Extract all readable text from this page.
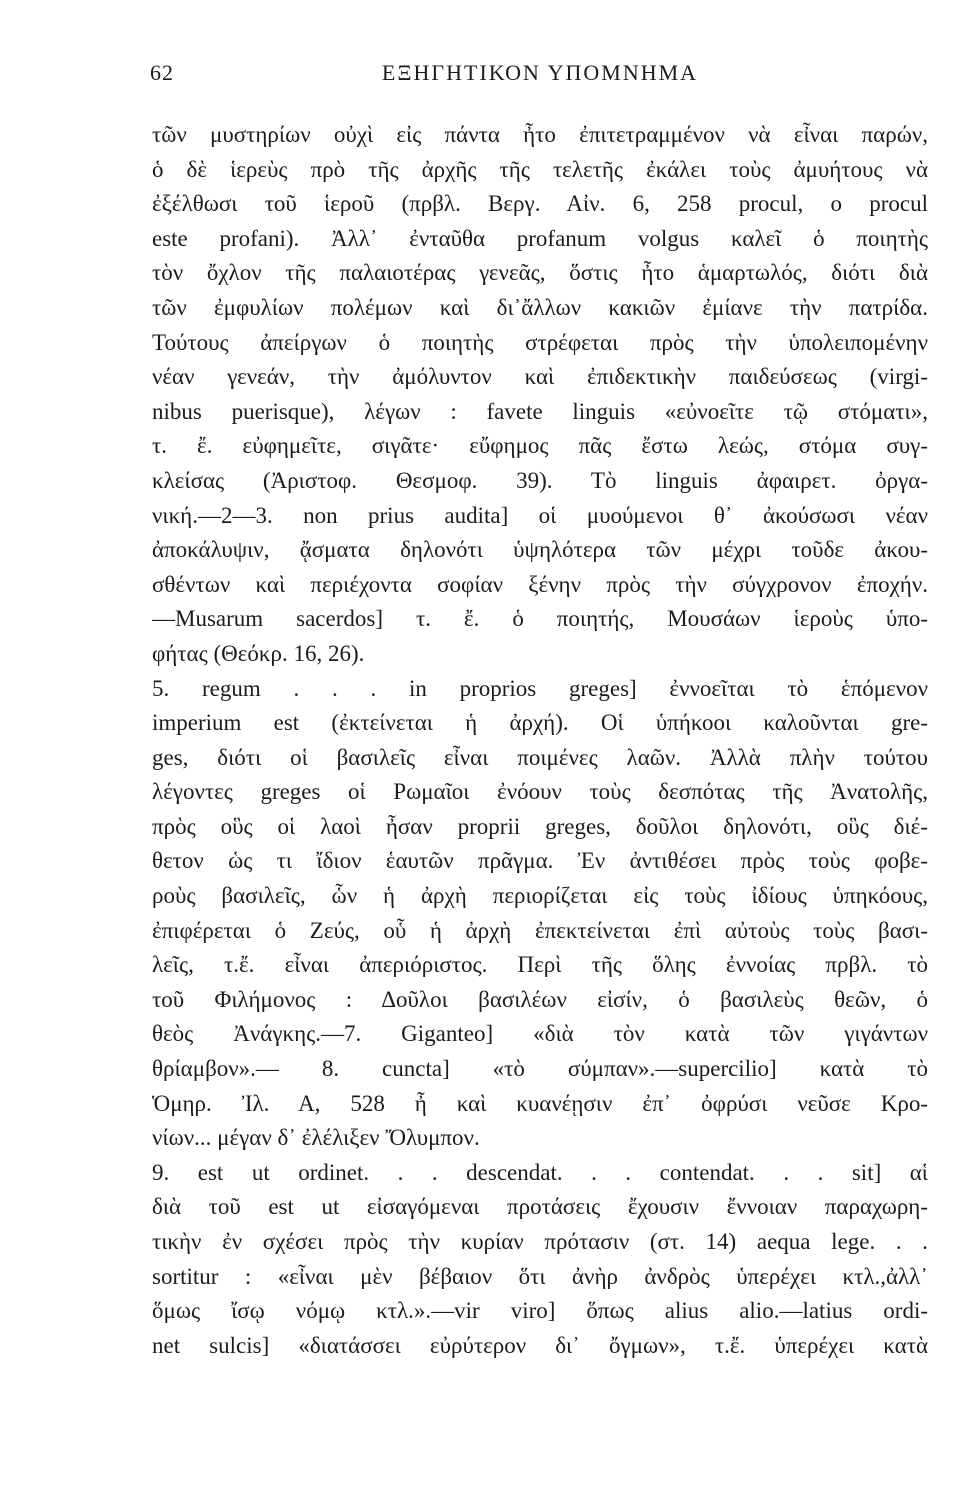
62	ΕΞΗΓΗΤΙΚΟΝ ΥΠΟΜΝΗΜΑ
τῶν μυστηρίων οὐχὶ εἰς πάντα ἦτο ἐπιτετραμμένον νὰ εἶναι παρών,
ὁ δὲ ἱερεὺς πρὸ τῆς ἀρχῆς τῆς τελετῆς ἐκάλει τοὺς ἀμυήτους νὰ
ἐξέλθωσι τοῦ ἱεροῦ (πρβλ. Βεργ. Αἰν. 6, 258 procul, o procul
este profani). Ἀλλ᾽ ἐνταῦθα profanum volgus καλεῖ ὁ ποιητὴς
τὸν ὄχλον τῆς παλαιοτέρας γενεᾶς, ὅστις ἦτο ἁμαρτωλός, διότι διὰ
τῶν ἐμφυλίων πολέμων καὶ δι᾽ἄλλων κακιῶν ἐμίανε τὴν πατρίδα.
Τούτους ἀπείργων ὁ ποιητὴς στρέφεται πρὸς τὴν ὑπολειπομένην
νέαν γενεάν, τὴν ἀμόλυντον καὶ ἐπιδεκτικὴν παιδεύσεως (virgi-
nibus puerisque), λέγων : favete linguis «εὐνοεῖτε τῷ στόματι»,
τ. ἔ. εὐφημεῖτε, σιγᾶτε· εὔφημος πᾶς ἔστω λεώς, στόμα συγ-
κλείσας (Ἀριστοφ. Θεσμοφ. 39). Τὸ linguis ἀφαιρετ. ὀργα-
νική.—2—3. non prius audita] οἱ μυούμενοι θ᾽ ἀκούσωσι νέαν
ἀποκάλυψιν, ᾄσματα δηλονότι ὑψηλότερα τῶν μέχρι τοῦδε ἀκου-
σθέντων καὶ περιέχοντα σοφίαν ξένην πρὸς τὴν σύγχρονον ἐποχήν.
—Musarum sacerdos] τ. ἔ. ὁ ποιητής, Μουσάων ἱεροὺς ὑπο-
φήτας (Θεόκρ. 16, 26).
5. regum . . . in proprios greges] ἐννοεῖται τὸ ἑπόμενον
imperium est (ἐκτείνεται ἡ ἀρχή). Οἱ ὑπήκοοι καλοῦνται gre-
ges, διότι οἱ βασιλεῖς εἶναι ποιμένες λαῶν. Ἀλλὰ πλὴν τούτου
λέγοντες greges οἱ Ρωμαῖοι ἐνόουν τοὺς δεσπότας τῆς Ἀνατολῆς,
πρὸς οὓς οἱ λαοὶ ἦσαν proprii greges, δοῦλοι δηλονότι, οὓς διέ-
θετον ὡς τι ἴδιον ἑαυτῶν πρᾶγμα. Ἐν ἀντιθέσει πρὸς τοὺς φοβε-
ροὺς βασιλεῖς, ὧν ἡ ἀρχὴ περιορίζεται εἰς τοὺς ἰδίους ὑπηκόους,
ἐπιφέρεται ὁ Ζεύς, οὗ ἡ ἀρχὴ ἐπεκτείνεται ἐπὶ αὐτοὺς τοὺς βασι-
λεῖς, τ.ἔ. εἶναι ἀπεριόριστος. Περὶ τῆς ὅλης ἐννοίας πρβλ. τὸ
τοῦ Φιλήμονος : Δοῦλοι βασιλέων εἰσίν, ὁ βασιλεὺς θεῶν, ὁ
θεὸς Ἀνάγκης.—7. Giganteo] «διὰ τὸν κατὰ τῶν γιγάντων
θρίαμβον».— 8. cuncta] «τὸ σύμπαν».—supercilio] κατὰ τὸ
Ὁμηρ. Ἰλ. Α, 528 ἦ καὶ κυανέῃσιν ἐπ᾽ ὀφρύσι νεῦσε Κρο-
νίων... μέγαν δ᾽ ἐλέλιξεν Ὄλυμπον.
9. est ut ordinet. . . descendat. . . contendat. . . sit] αἱ
διὰ τοῦ est ut εἰσαγόμεναι προτάσεις ἔχουσιν ἔννοιαν παραχωρη-
τικὴν ἐν σχέσει πρὸς τὴν κυρίαν πρότασιν (στ. 14) aequa lege. . .
sortitur : «εἶναι μὲν βέβαιον ὅτι ἀνὴρ ἀνδρὸς ὑπερέχει κτλ.,ἀλλ᾽
ὅμως ἴσῳ νόμῳ κτλ.».—vir viro] ὅπως alius alio.—latius ordi-
net sulcis] «διατάσσει εὐρύτερον δι᾽ ὄγμων», τ.ἔ. ὑπερέχει κατὰ
